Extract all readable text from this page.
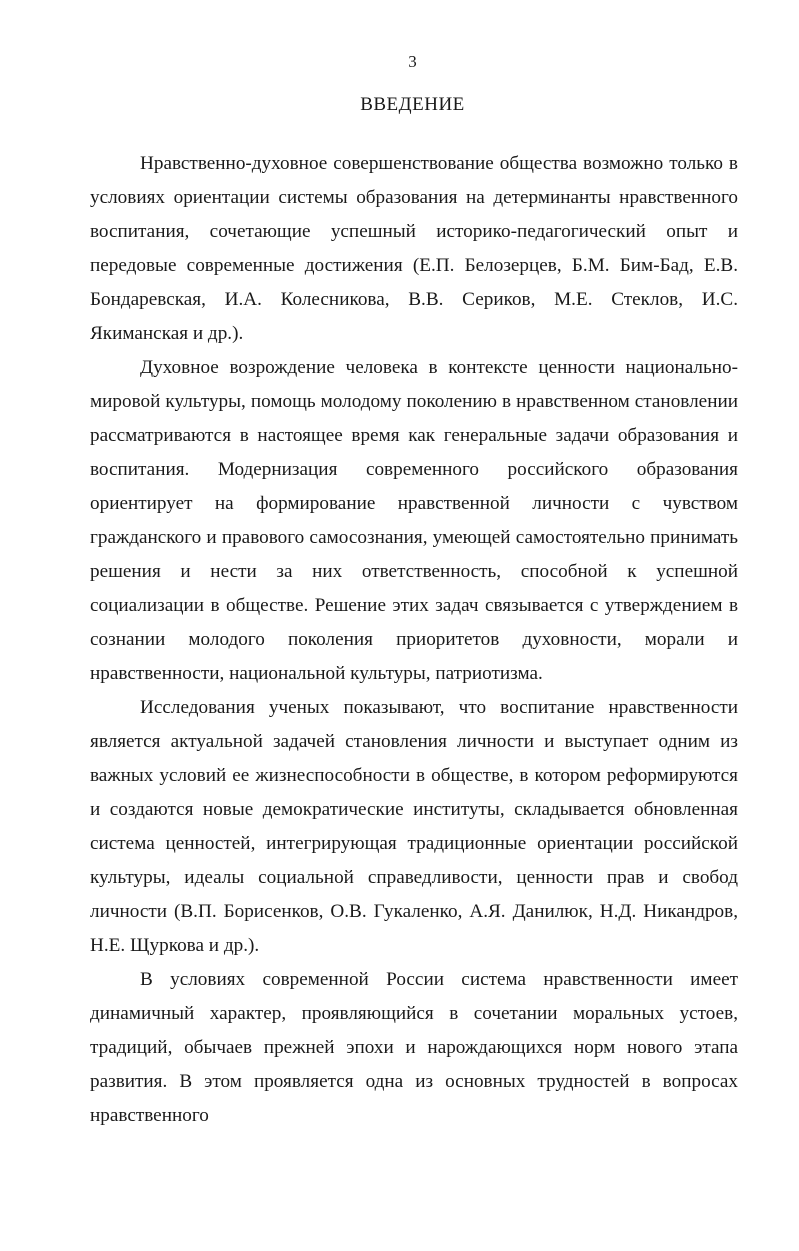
3
ВВЕДЕНИЕ

Нравственно-духовное совершенствование общества возможно только в условиях ориентации системы образования на детерминанты нравственного воспитания, сочетающие успешный историко-педагогический опыт и передовые современные достижения (Е.П. Белозерцев, Б.М. Бим-Бад, Е.В. Бондаревская, И.А. Колесникова, В.В. Сериков, М.Е. Стеклов, И.С. Якиманская и др.).

Духовное возрождение человека в контексте ценности национально-мировой культуры, помощь молодому поколению в нравственном становлении рассматриваются в настоящее время как генеральные задачи образования и воспитания. Модернизация современного российского образования ориентирует на формирование нравственной личности с чувством гражданского и правового самосознания, умеющей самостоятельно принимать решения и нести за них ответственность, способной к успешной социализации в обществе. Решение этих задач связывается с утверждением в сознании молодого поколения приоритетов духовности, морали и нравственности, национальной культуры, патриотизма.

Исследования ученых показывают, что воспитание нравственности является актуальной задачей становления личности и выступает одним из важных условий ее жизнеспособности в обществе, в котором реформируются и создаются новые демократические институты, складывается обновленная система ценностей, интегрирующая традиционные ориентации российской культуры, идеалы социальной справедливости, ценности прав и свобод личности (В.П. Борисенков, О.В. Гукаленко, А.Я. Данилюк, Н.Д. Никандров, Н.Е. Щуркова и др.).

В условиях современной России система нравственности имеет динамичный характер, проявляющийся в сочетании моральных устоев, традиций, обычаев прежней эпохи и нарождающихся норм нового этапа развития. В этом проявляется одна из основных трудностей в вопросах нравственного
